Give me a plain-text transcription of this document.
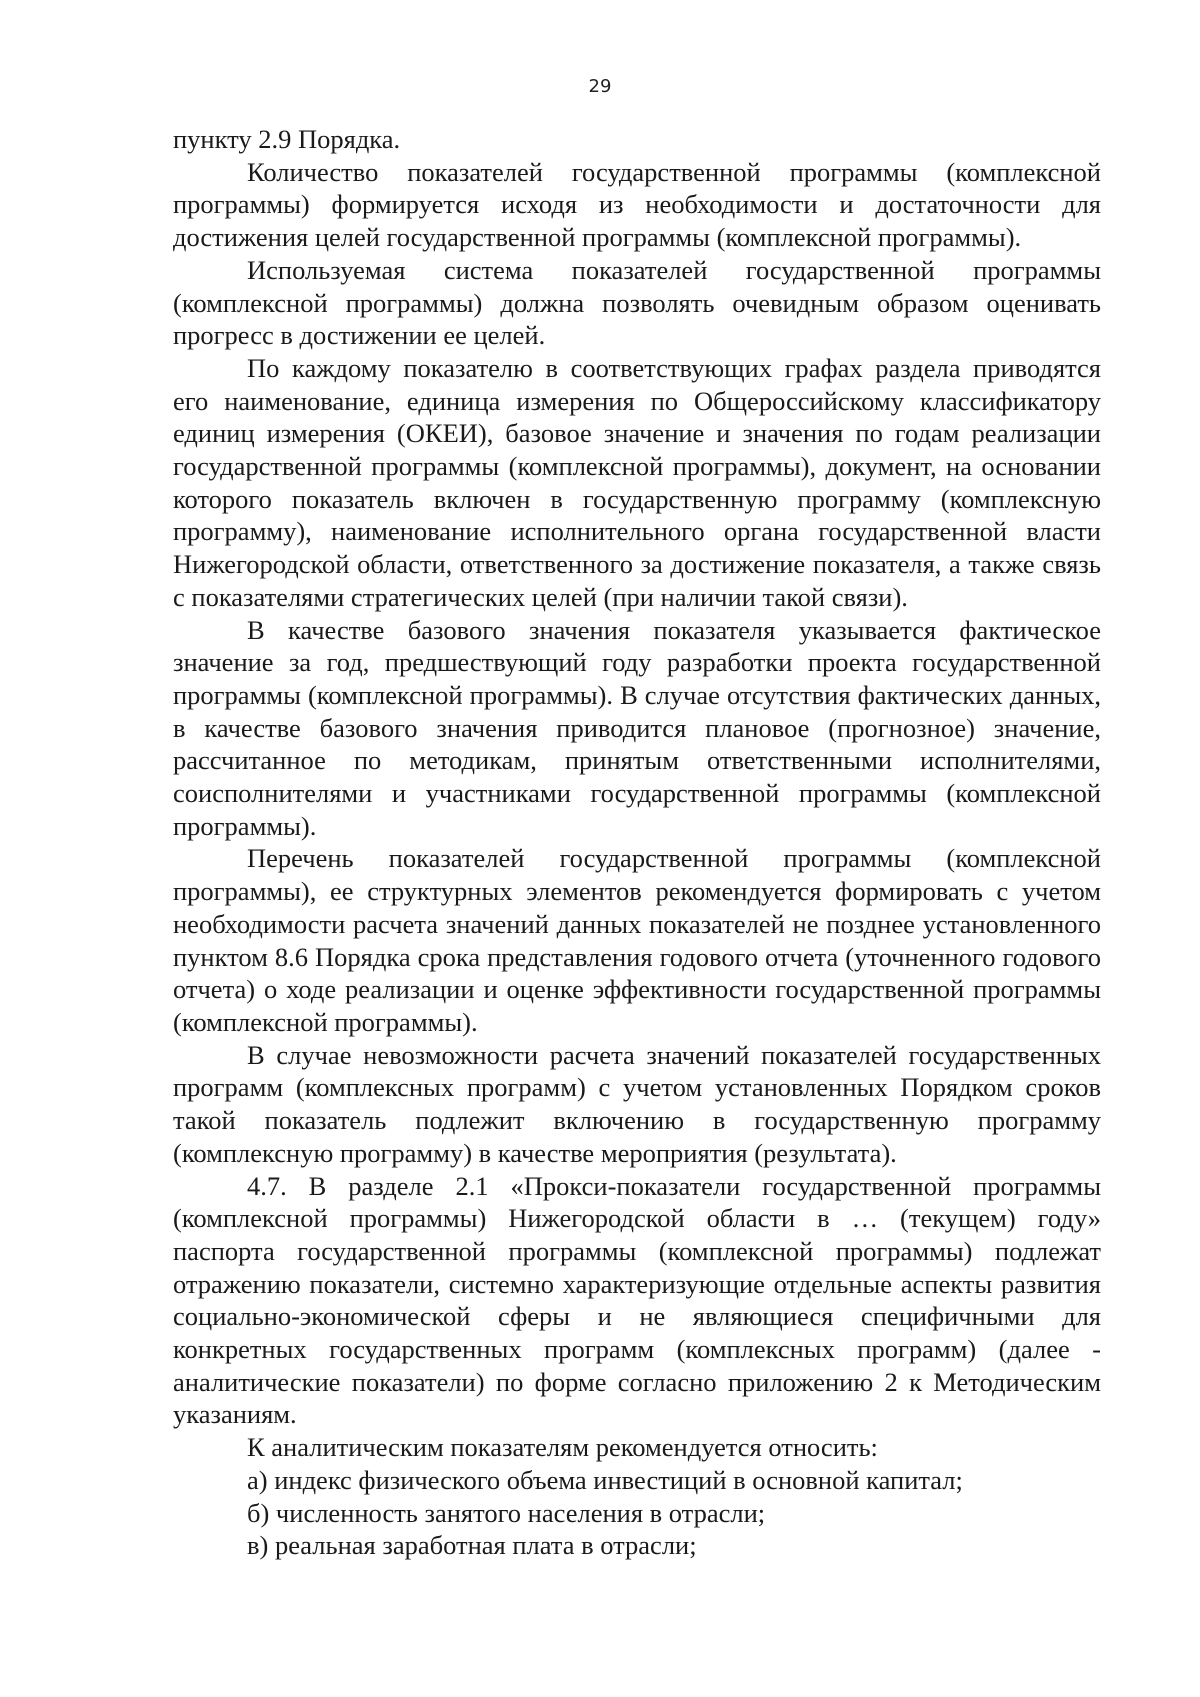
29

пункту 2.9 Порядка.

Количество показателей государственной программы (комплексной программы) формируется исходя из необходимости и достаточности для достижения целей государственной программы (комплексной программы).

Используемая система показателей государственной программы (комплексной программы) должна позволять очевидным образом оценивать прогресс в достижении ее целей.

По каждому показателю в соответствующих графах раздела приводятся его наименование, единица измерения по Общероссийскому классификатору единиц измерения (ОКЕИ), базовое значение и значения по годам реализации государственной программы (комплексной программы), документ, на основании которого показатель включен в государственную программу (комплексную программу), наименование исполнительного органа государственной власти Нижегородской области, ответственного за достижение показателя, а также связь с показателями стратегических целей (при наличии такой связи).

В качестве базового значения показателя указывается фактическое значение за год, предшествующий году разработки проекта государственной программы (комплексной программы). В случае отсутствия фактических данных, в качестве базового значения приводится плановое (прогнозное) значение, рассчитанное по методикам, принятым ответственными исполнителями, соисполнителями и участниками государственной программы (комплексной программы).

Перечень показателей государственной программы (комплексной программы), ее структурных элементов рекомендуется формировать с учетом необходимости расчета значений данных показателей не позднее установленного пунктом 8.6 Порядка срока представления годового отчета (уточненного годового отчета) о ходе реализации и оценке эффективности государственной программы (комплексной программы).

В случае невозможности расчета значений показателей государственных программ (комплексных программ) с учетом установленных Порядком сроков такой показатель подлежит включению в государственную программу (комплексную программу) в качестве мероприятия (результата).

4.7. В разделе 2.1 «Прокси-показатели государственной программы (комплексной программы) Нижегородской области в … (текущем) году» паспорта государственной программы (комплексной программы) подлежат отражению показатели, системно характеризующие отдельные аспекты развития социально-экономической сферы и не являющиеся специфичными для конкретных государственных программ (комплексных программ) (далее - аналитические показатели) по форме согласно приложению 2 к Методическим указаниям.

К аналитическим показателям рекомендуется относить:

а) индекс физического объема инвестиций в основной капитал;

б) численность занятого населения в отрасли;

в) реальная заработная плата в отрасли;
